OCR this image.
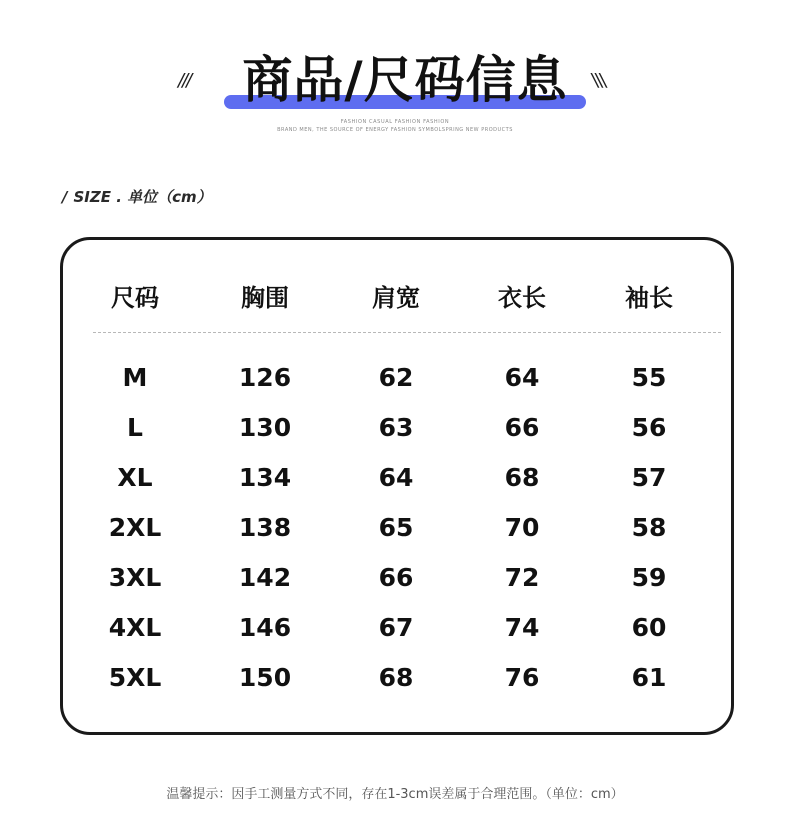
///	商品/尺码信息	///
FASHION CASUAL FASHION FASHION
BRAND MEN, THE SOURCE OF ENERGY FASHION SYMBOLSPRING NEW PRODUCTS
/ SIZE . 单位（cm）
尺码	胸围	肩宽	衣长	袖长
M	126	62	64	55
L	130	63	66	56
XL	134	64	68	57
2XL	138	65	70	58
3XL	142	66	72	59
4XL	146	67	74	60
5XL	150	68	76	61
温馨提示：因手工测量方式不同，存在1-3cm误差属于合理范围。（单位：cm）
